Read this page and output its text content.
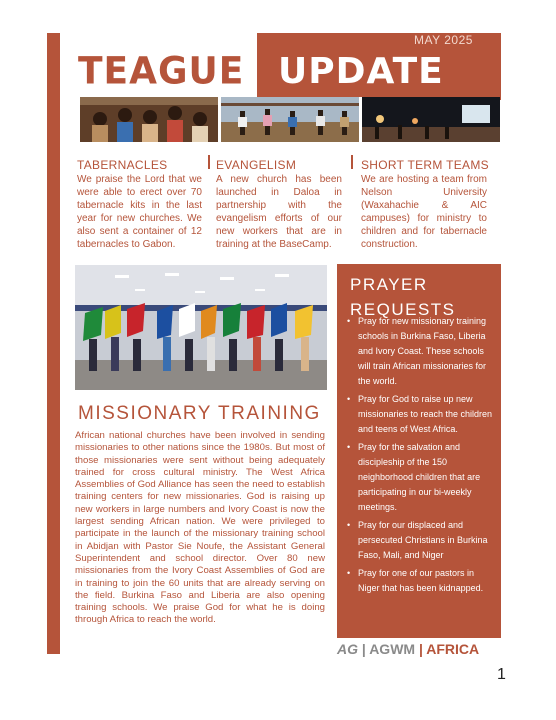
TEAGUE
MAY 2025
UPDATE
TABERNACLES
We praise the Lord that we were able to erect over 70 tabernacle kits in the last year for new churches. We also sent a container of 12 tabernacles to Gabon.
EVANGELISM
A new church has been launched in Daloa in partnership with the evangelism efforts of our new workers that are in training at the BaseCamp.
SHORT TERM TEAMS
We are hosting a team from Nelson University (Waxahachie & AIC campuses) for ministry to children and for tabernacle construction.
MISSIONARY TRAINING
African national churches have been involved in sending missionaries to other nations since the 1980s. But most of those missionaries were sent without being adequately trained for cross cultural ministry. The West Africa Assemblies of God Alliance has seen the need to establish training centers for new missionaries. God is raising up new workers in large numbers and Ivory Coast is now the largest sending African nation. We were privileged to participate in the launch of the missionary training school in Abidjan with Pastor Sie Noufe, the Assistant General Superintendent and school director. Over 80 new missionaries from the Ivory Coast Assemblies of God are in training to join the 60 units that are already serving on the field. Burkina Faso and Liberia are also opening training schools. We praise God for what he is doing through Africa to reach the world.
PRAYER
REQUESTS
• Pray for new missionary training schools in Burkina Faso, Liberia and Ivory Coast. These schools will train African missionaries for the world.
• Pray for God to raise up new missionaries to reach the children and teens of West Africa.
• Pray for the salvation and discipleship of the 150 neighborhood children that are participating in our bi-weekly meetings.
• Pray for our displaced and persecuted Christians in Burkina Faso, Mali, and Niger
• Pray for one of our pastors in Niger that has been kidnapped.
AG | AGWM | AFRICA
1
